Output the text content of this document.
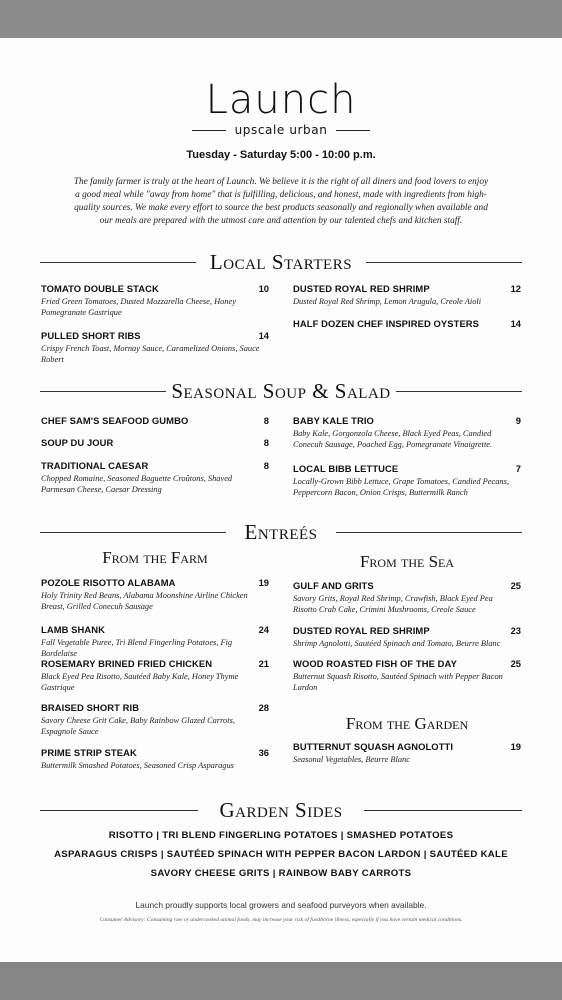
Launch
upscale urban
Tuesday - Saturday 5:00 - 10:00 p.m.
The family farmer is truly at the heart of Launch. We believe it is the right of all diners and food lovers to enjoy a good meal while "away from home" that is fulfilling, delicious, and honest, made with ingredients from high-quality sources. We make every effort to source the best products seasonally and regionally when available and our meals are prepared with the utmost care and attention by our talented chefs and kitchen staff.
Local Starters
TOMATO DOUBLE STACK	10
Fried Green Tomatoes, Dusted Mozzarella Cheese, Honey Pomegranate Gastrique
PULLED SHORT RIBS	14
Crispy French Toast, Mornay Sauce, Caramelized Onions, Sauce Robert
DUSTED ROYAL RED SHRIMP	12
Dusted Royal Red Shrimp, Lemon Arugula, Creole Aioli
HALF DOZEN CHEF INSPIRED OYSTERS	14
Seasonal Soup & Salad
CHEF SAM'S SEAFOOD GUMBO	8
SOUP DU JOUR	8
TRADITIONAL CAESAR	8
Chopped Romaine, Seasoned Baguette Croûtons, Shaved Parmesan Cheese, Caesar Dressing
BABY KALE TRIO	9
Baby Kale, Gorgonzola Cheese, Black Eyed Peas, Candied Conecuh Sausage, Poached Egg, Pomegranate Vinaigrette.
LOCAL BIBB LETTUCE	7
Locally-Grown Bibb Lettuce, Grape Tomatoes, Candied Pecans, Peppercorn Bacon, Onion Crisps, Buttermilk Ranch
Entreés
From the Farm
POZOLE RISOTTO ALABAMA	19
Holy Trinity Red Beans, Alabama Moonshine Airline Chicken Breast, Grilled Conecuh Sausage
LAMB SHANK	24
Fall Vegetable Puree, Tri Blend Fingerling Potatoes, Fig Bordelaise
ROSEMARY BRINED FRIED CHICKEN	21
Black Eyed Pea Risotto, Sautéed Baby Kale, Honey Thyme Gastrique
BRAISED SHORT RIB	28
Savory Cheese Grit Cake, Baby Rainbow Glazed Carrots, Espagnole Sauce
PRIME STRIP STEAK	36
Buttermilk Smashed Potatoes, Seasoned Crisp Asparagus
From the Sea
GULF AND GRITS	25
Savory Grits, Royal Red Shrimp, Crawfish, Black Eyed Pea Risotto Crab Cake, Crimini Mushrooms, Creole Sauce
DUSTED ROYAL RED SHRIMP	23
Shrimp Agnolotti, Sautéed Spinach and Tomato, Beurre Blanc
WOOD ROASTED FISH OF THE DAY	25
Butternut Squash Risotto, Sautéed Spinach with Pepper Bacon Lardon
From the Garden
BUTTERNUT SQUASH AGNOLOTTI	19
Seasonal Vegetables, Beurre Blanc
Garden Sides
RISOTTO | TRI BLEND FINGERLING POTATOES | SMASHED POTATOES
ASPARAGUS CRISPS | SAUTÉED SPINACH WITH PEPPER BACON LARDON | SAUTÉED KALE
SAVORY CHEESE GRITS | RAINBOW BABY CARROTS
Launch proudly supports local growers and seafood purveyors when available.
Consumer Advisory: Consuming raw or undercooked animal foods, may increase your risk of foodborne illness, especially if you have certain medical conditions.
